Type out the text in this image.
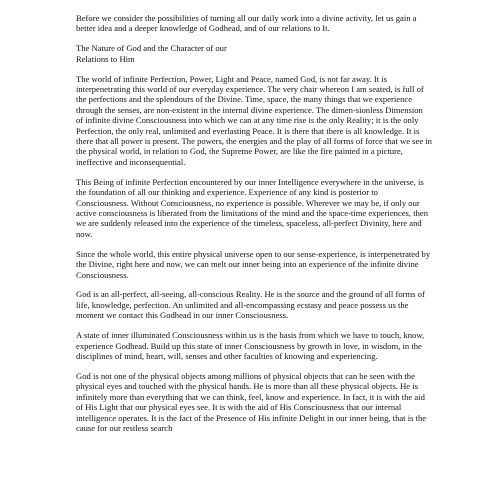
Before we consider the possibilities of turning all our daily work into a divine activity, let us gain a better idea and a deeper knowledge of Godhead, and of our relations to It.

The Nature of God and the Character of our
Relations to Him

The world of infinite Perfection, Power, Light and Peace, named God, is not far away. It is interpenetrating this world of our everyday experience. The very chair whereon I am seated, is full of the perfections and the splendours of the Divine. Time, space, the many things that we experience through the senses, are non-existent in the internal divine experience. The dimen-sionless Dimension of infinite divine Consciousness into which we can at any time rise is the only Reality; it is the only Perfection, the only real, unlimited and everlasting Peace. It is there that there is all knowledge. It is there that all power is present. The powers, the energies and the play of all forms of force that we see in the physical world, in relation to God, the Supreme Power, are like the fire painted in a picture, ineffective and inconsequential.

This Being of infinite Perfection encountered by our inner Intelligence everywhere in the universe, is the foundation of all our thinking and experience. Experience of any kind is posterior to Consciousness. Without Consciousness, no experience is possible. Wherever we may be, if only our active consciousness is liberated from the limitations of the mind and the space-time experiences, then we are suddenly released into the experience of the timeless, spaceless, all-perfect Divinity, here and now.

Since the whole world, this entire physical universe open to our sense-experience, is interpenetrated by the Divine, right here and now, we can melt our inner being into an experience of the infinite divine Consciousness.

God is an all-perfect, all-seeing, all-conscious Reality. He is the source and the ground of all forms of life, knowledge, perfection. An unlimited and all-encompassing ecstasy and peace possess us the moment we contact this Godhead in our inner Consciousness.

A state of inner illuminated Consciousness within us is the basis from which we have to touch, know, experience Godhead. Build up this state of inner Consciousness by growth in love, in wisdom, in the disciplines of mind, heart, will, senses and other faculties of knowing and experiencing.

God is not one of the physical objects among millions of physical objects that can be seen with the physical eyes and touched with the physical hands. He is more than all these physical objects. He is infinitely more than everything that we can think, feel, know and experience. In fact, it is with the aid of His Light that our physical eyes see. It is with the aid of His Consciousness that our internal intelligence operates. It is the fact of the Presence of His infinite Delight in our inner being, that is the cause for our restless search
